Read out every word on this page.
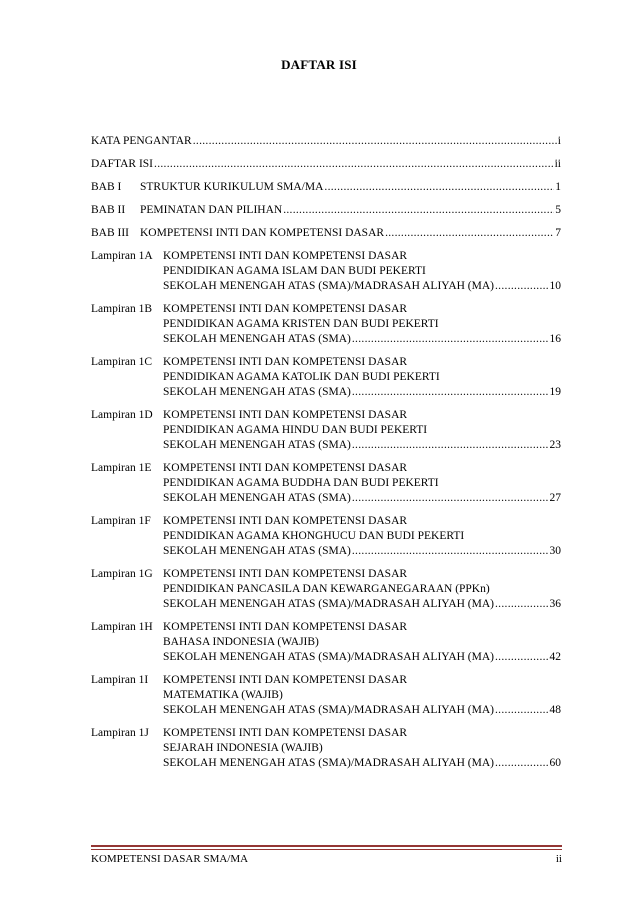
DAFTAR ISI
KATA PENGANTAR .....	i
DAFTAR ISI .....	ii
BAB I	STRUKTUR KURIKULUM SMA/MA .....	1
BAB II	PEMINATAN DAN PILIHAN .....	5
BAB III KOMPETENSI INTI DAN KOMPETENSI DASAR .....	7
Lampiran 1A KOMPETENSI INTI DAN KOMPETENSI DASAR
PENDIDIKAN AGAMA ISLAM DAN BUDI PEKERTI
SEKOLAH MENENGAH ATAS (SMA)/MADRASAH ALIYAH (MA) .....	10
Lampiran 1B KOMPETENSI INTI DAN KOMPETENSI DASAR
PENDIDIKAN AGAMA KRISTEN DAN BUDI PEKERTI
SEKOLAH MENENGAH ATAS (SMA) .....	16
Lampiran 1C KOMPETENSI INTI DAN KOMPETENSI DASAR
PENDIDIKAN AGAMA KATOLIK DAN BUDI PEKERTI
SEKOLAH MENENGAH ATAS (SMA) .....	19
Lampiran 1D KOMPETENSI INTI DAN KOMPETENSI DASAR
PENDIDIKAN AGAMA HINDU DAN BUDI PEKERTI
SEKOLAH MENENGAH ATAS (SMA) .....	23
Lampiran 1E	KOMPETENSI INTI DAN KOMPETENSI DASAR
PENDIDIKAN AGAMA BUDDHA DAN BUDI PEKERTI
SEKOLAH MENENGAH ATAS (SMA) .....	27
Lampiran 1F	KOMPETENSI INTI DAN KOMPETENSI DASAR
PENDIDIKAN AGAMA KHONGHUCU DAN BUDI PEKERTI
SEKOLAH MENENGAH ATAS (SMA) .....	30
Lampiran 1G KOMPETENSI INTI DAN KOMPETENSI DASAR
PENDIDIKAN PANCASILA DAN KEWARGANEGARAAN (PPKn)
SEKOLAH MENENGAH ATAS (SMA)/MADRASAH ALIYAH (MA) .....	36
Lampiran 1H KOMPETENSI INTI DAN KOMPETENSI DASAR
BAHASA INDONESIA (WAJIB)
SEKOLAH MENENGAH ATAS (SMA)/MADRASAH ALIYAH (MA) .....	42
Lampiran 1I	KOMPETENSI INTI DAN KOMPETENSI DASAR
MATEMATIKA (WAJIB)
SEKOLAH MENENGAH ATAS (SMA)/MADRASAH ALIYAH (MA) .....	48
Lampiran 1J	KOMPETENSI INTI DAN KOMPETENSI DASAR
SEJARAH INDONESIA (WAJIB)
SEKOLAH MENENGAH ATAS (SMA)/MADRASAH ALIYAH (MA) .....	60
KOMPETENSI DASAR SMA/MA	ii
